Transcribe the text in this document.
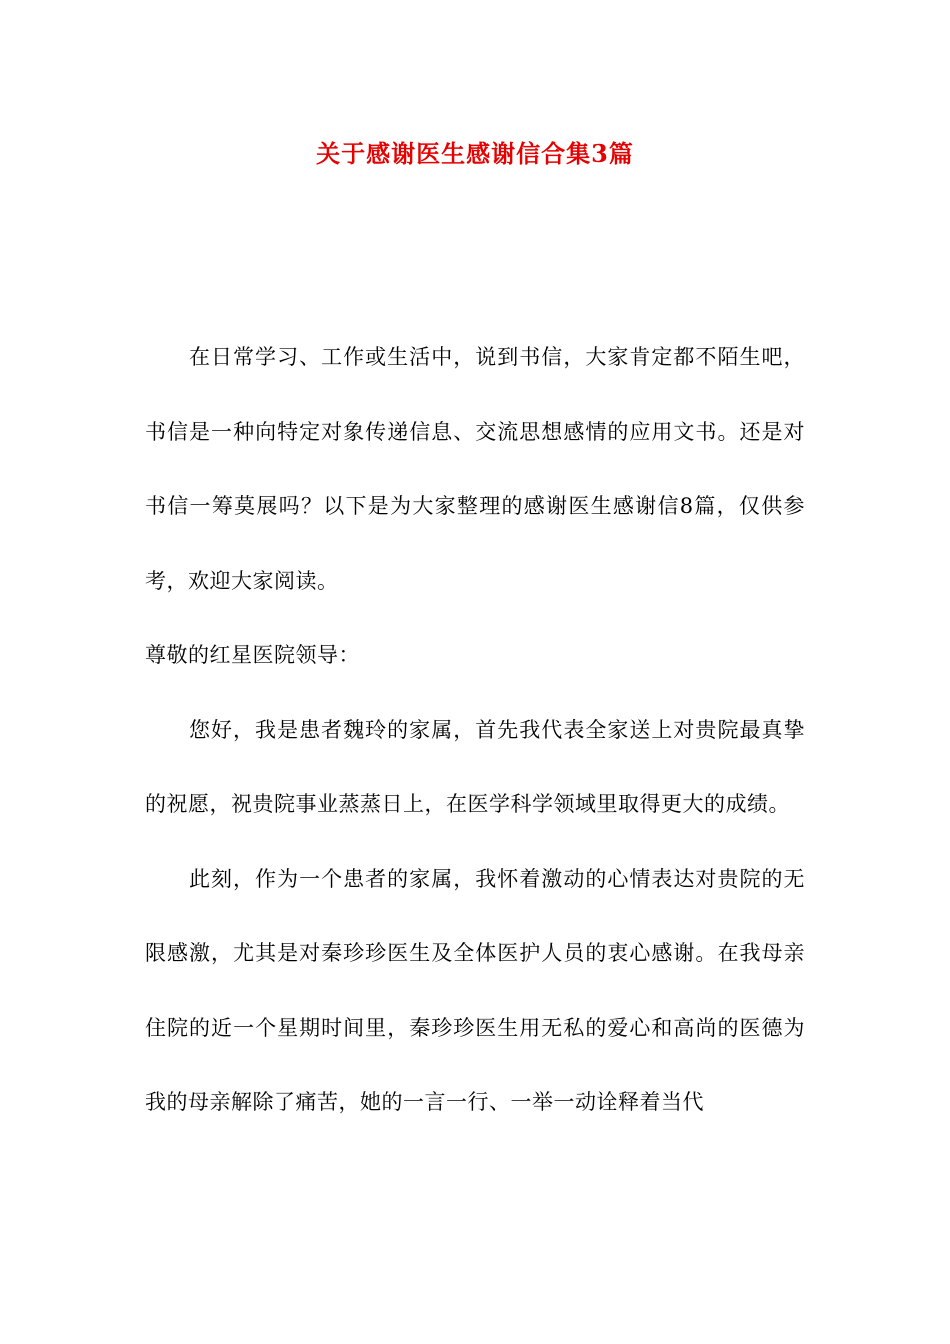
关于感谢医生感谢信合集3篇

在日常学习、工作或生活中，说到书信，大家肯定都不陌生吧，书信是一种向特定对象传递信息、交流思想感情的应用文书。还是对书信一筹莫展吗？以下是为大家整理的感谢医生感谢信8篇，仅供参考，欢迎大家阅读。

尊敬的红星医院领导：

您好，我是患者魏玲的家属，首先我代表全家送上对贵院最真挚的祝愿，祝贵院事业蒸蒸日上，在医学科学领域里取得更大的成绩。

此刻，作为一个患者的家属，我怀着激动的心情表达对贵院的无限感激，尤其是对秦珍珍医生及全体医护人员的衷心感谢。在我母亲住院的近一个星期时间里，秦珍珍医生用无私的爱心和高尚的医德为我的母亲解除了痛苦，她的一言一行、一举一动诠释着当代
